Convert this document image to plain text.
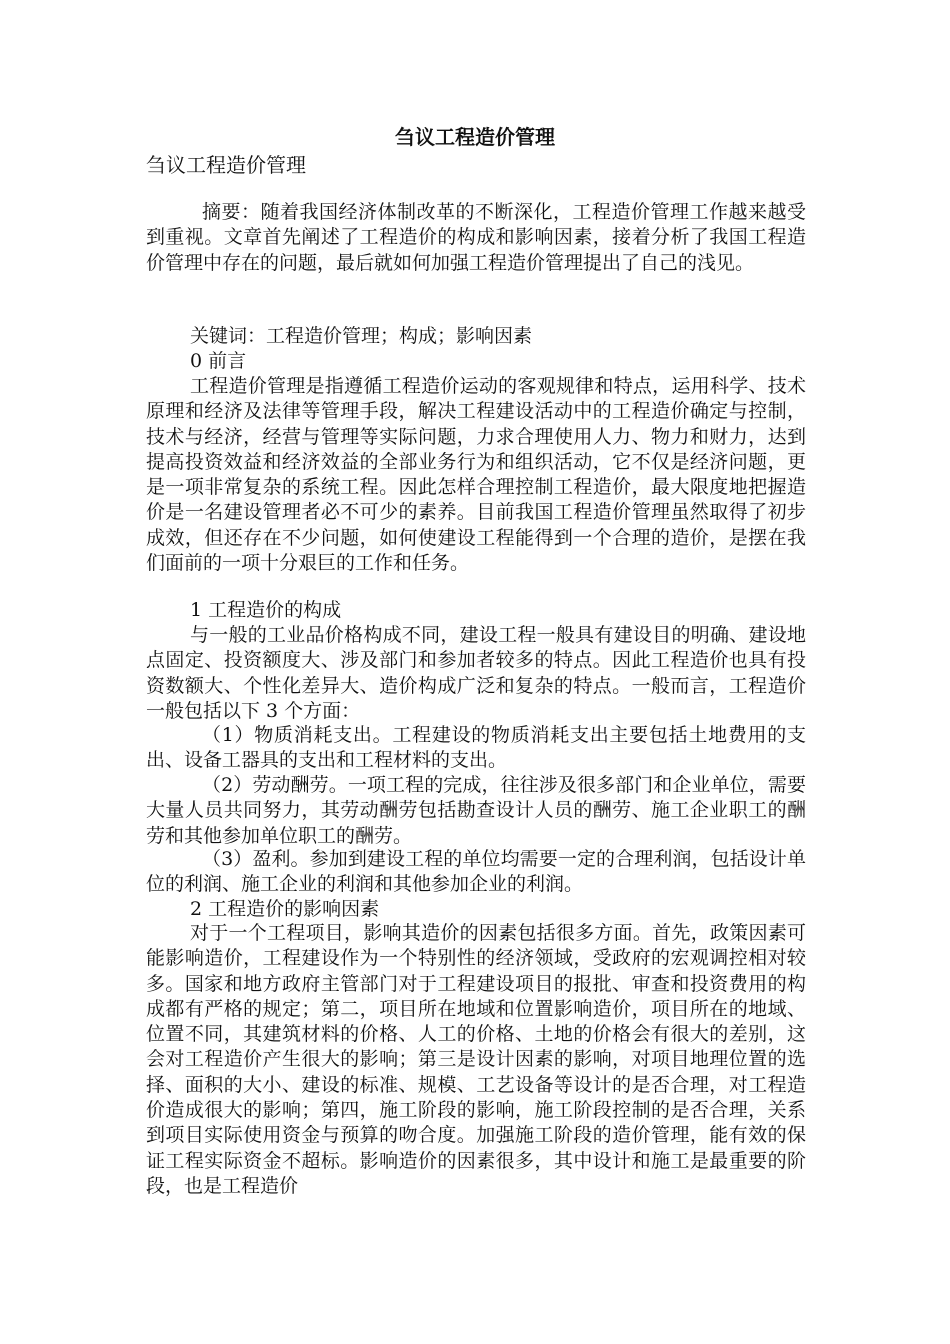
刍议工程造价管理
刍议工程造价管理

摘要：随着我国经济体制改革的不断深化，工程造价管理工作越来越受到重视。文章首先阐述了工程造价的构成和影响因素，接着分析了我国工程造价管理中存在的问题，最后就如何加强工程造价管理提出了自己的浅见。

关键词：工程造价管理；构成；影响因素

0 前言

工程造价管理是指遵循工程造价运动的客观规律和特点，运用科学、技术原理和经济及法律等管理手段，解决工程建设活动中的工程造价确定与控制，技术与经济，经营与管理等实际问题，力求合理使用人力、物力和财力，达到提高投资效益和经济效益的全部业务行为和组织活动，它不仅是经济问题，更是一项非常复杂的系统工程。因此怎样合理控制工程造价，最大限度地把握造价是一名建设管理者必不可少的素养。目前我国工程造价管理虽然取得了初步成效，但还存在不少问题，如何使建设工程能得到一个合理的造价，是摆在我们面前的一项十分艰巨的工作和任务。

1 工程造价的构成

与一般的工业品价格构成不同，建设工程一般具有建设目的明确、建设地点固定、投资额度大、涉及部门和参加者较多的特点。因此工程造价也具有投资数额大、个性化差异大、造价构成广泛和复杂的特点。一般而言，工程造价一般包括以下 3 个方面：

（1）物质消耗支出。工程建设的物质消耗支出主要包括土地费用的支出、设备工器具的支出和工程材料的支出。

（2）劳动酬劳。一项工程的完成，往往涉及很多部门和企业单位，需要大量人员共同努力，其劳动酬劳包括勘查设计人员的酬劳、施工企业职工的酬劳和其他参加单位职工的酬劳。

（3）盈利。参加到建设工程的单位均需要一定的合理利润，包括设计单位的利润、施工企业的利润和其他参加企业的利润。

2 工程造价的影响因素

对于一个工程项目，影响其造价的因素包括很多方面。首先，政策因素可能影响造价，工程建设作为一个特别性的经济领域，受政府的宏观调控相对较多。国家和地方政府主管部门对于工程建设项目的报批、审查和投资费用的构成都有严格的规定；第二，项目所在地域和位置影响造价，项目所在的地域、位置不同，其建筑材料的价格、人工的价格、土地的价格会有很大的差别，这会对工程造价产生很大的影响；第三是设计因素的影响，对项目地理位置的选择、面积的大小、建设的标准、规模、工艺设备等设计的是否合理，对工程造价造成很大的影响；第四，施工阶段的影响，施工阶段控制的是否合理，关系到项目实际使用资金与预算的吻合度。加强施工阶段的造价管理，能有效的保证工程实际资金不超标。影响造价的因素很多，其中设计和施工是最重要的阶段，也是工程造价
